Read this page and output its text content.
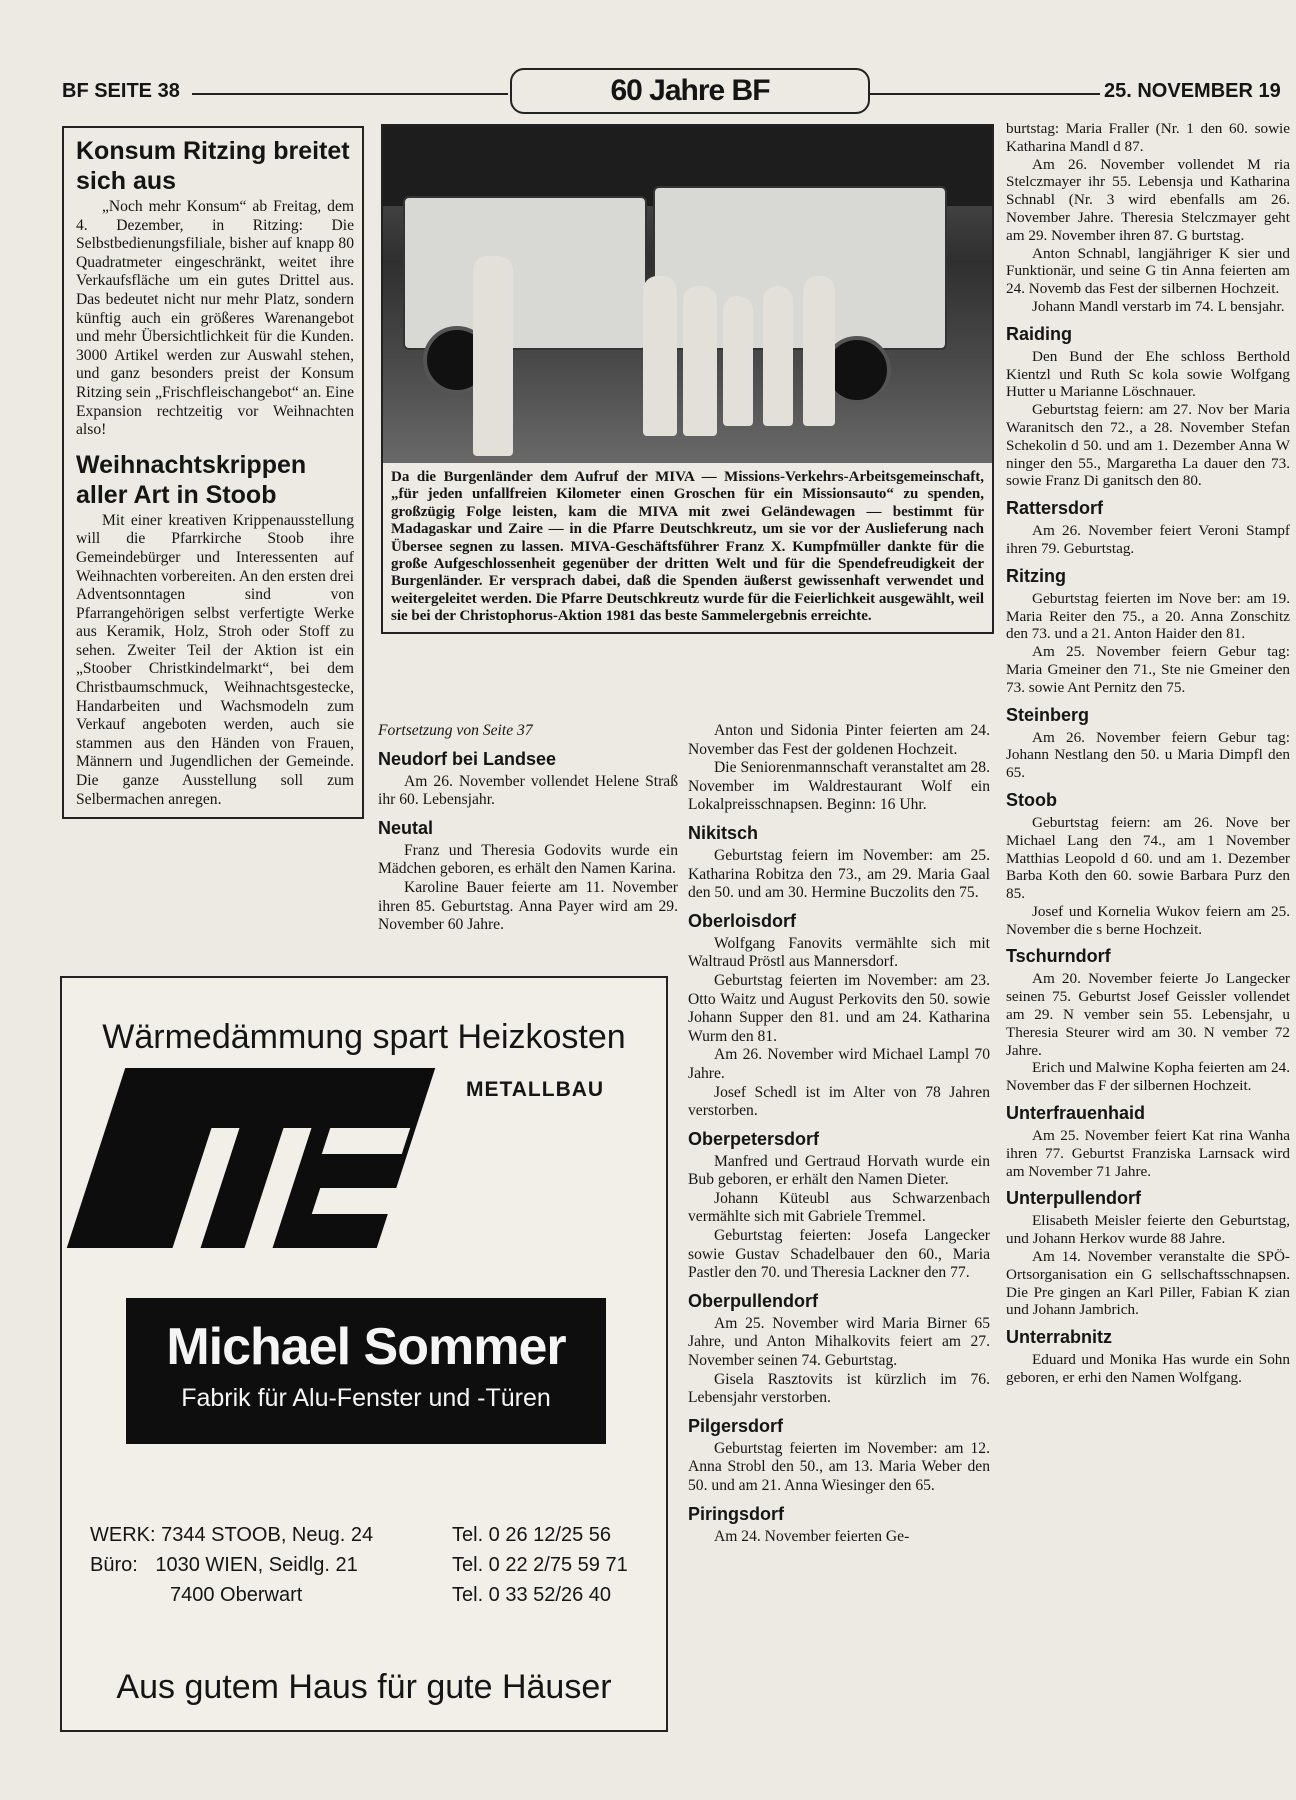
BF SEITE 38	60 Jahre BF	25. NOVEMBER 19
Konsum Ritzing breitet sich aus

„Noch mehr Konsum“ ab Freitag, dem 4. Dezember, in Ritzing: Die Selbstbedienungsfiliale, bisher auf knapp 80 Quadratmeter eingeschränkt, weitet ihre Verkaufsfläche um ein gutes Drittel aus. Das bedeutet nicht nur mehr Platz, sondern künftig auch ein größeres Warenangebot und mehr Übersichtlichkeit für die Kunden. 3000 Artikel werden zur Auswahl stehen, und ganz besonders preist der Konsum Ritzing sein „Frischfleischangebot“ an. Eine Expansion rechtzeitig vor Weihnachten also!

Weihnachtskrippen aller Art in Stoob

Mit einer kreativen Krippenausstellung will die Pfarrkirche Stoob ihre Gemeindebürger und Interessenten auf Weihnachten vorbereiten. An den ersten drei Adventsonntagen sind von Pfarrangehörigen selbst verfertigte Werke aus Keramik, Holz, Stroh oder Stoff zu sehen. Zweiter Teil der Aktion ist ein „Stoober Christkindelmarkt“, bei dem Christbaumschmuck, Weihnachtsgestecke, Handarbeiten und Wachsmodeln zum Verkauf angeboten werden, auch sie stammen aus den Händen von Frauen, Männern und Jugendlichen der Gemeinde. Die ganze Ausstellung soll zum Selbermachen anregen.

Da die Burgenländer dem Aufruf der MIVA — Missions-Verkehrs-Arbeitsgemeinschaft, „für jeden unfallfreien Kilometer einen Groschen für ein Missionsauto“ zu spenden, großzügig Folge leisten, kam die MIVA mit zwei Geländewagen — bestimmt für Madagaskar und Zaire — in die Pfarre Deutschkreutz, um sie vor der Auslieferung nach Übersee segnen zu lassen. MIVA-Geschäftsführer Franz X. Kumpfmüller dankte für die große Aufgeschlossenheit gegenüber der dritten Welt und für die Spendefreudigkeit der Burgenländer. Er versprach dabei, daß die Spenden äußerst gewissenhaft verwendet und weitergeleitet werden. Die Pfarre Deutschkreutz wurde für die Feierlichkeit ausgewählt, weil sie bei der Christophorus-Aktion 1981 das beste Sammelergebnis erreichte.
Fortsetzung von Seite 37
Neudorf bei Landsee

Am 26. November vollendet Helene Straß ihr 60. Lebensjahr.

Neutal

Franz und Theresia Godovits wurde ein Mädchen geboren, es erhält den Namen Karina.

Karoline Bauer feierte am 11. November ihren 85. Geburtstag. Anna Payer wird am 29. November 60 Jahre.

Anton und Sidonia Pinter feierten am 24. November das Fest der goldenen Hochzeit.

Die Seniorenmannschaft veranstaltet am 28. November im Waldrestaurant Wolf ein Lokalpreisschnapsen. Beginn: 16 Uhr.

Nikitsch

Geburtstag feiern im November: am 25. Katharina Robitza den 73., am 29. Maria Gaal den 50. und am 30. Hermine Buczolits den 75.

Oberloisdorf

Wolfgang Fanovits vermählte sich mit Waltraud Pröstl aus Mannersdorf.

Geburtstag feierten im November: am 23. Otto Waitz und August Perkovits den 50. sowie Johann Supper den 81. und am 24. Katharina Wurm den 81.

Am 26. November wird Michael Lampl 70 Jahre.

Josef Schedl ist im Alter von 78 Jahren verstorben.

Oberpetersdorf

Manfred und Gertraud Horvath wurde ein Bub geboren, er erhält den Namen Dieter.

Johann Küteubl aus Schwarzenbach vermählte sich mit Gabriele Tremmel.

Geburtstag feierten: Josefa Langecker sowie Gustav Schadelbauer den 60., Maria Pastler den 70. und Theresia Lackner den 77.

Oberpullendorf

Am 25. November wird Maria Birner 65 Jahre, und Anton Mihalkovits feiert am 27. November seinen 74. Geburtstag.

Gisela Rasztovits ist kürzlich im 76. Lebensjahr verstorben.

Pilgersdorf

Geburtstag feierten im November: am 12. Anna Strobl den 50., am 13. Maria Weber den 50. und am 21. Anna Wiesinger den 65.

Piringsdorf

Am 24. November feierten Ge-

burtstag: Maria Fraller (Nr. 1 den 60. sowie Katharina Mandl d 87.

Am 26. November vollendet M ria Stelczmayer ihr 55. Lebensja und Katharina Schnabl (Nr. 3 wird ebenfalls am 26. November Jahre. Theresia Stelczmayer geht am 29. November ihren 87. G burtstag.

Anton Schnabl, langjähriger K sier und Funktionär, und seine G tin Anna feierten am 24. Novemb das Fest der silbernen Hochzeit.

Johann Mandl verstarb im 74. L bensjahr.

Raiding

Den Bund der Ehe schloss Berthold Kientzl und Ruth Sc kola sowie Wolfgang Hutter u Marianne Löschnauer.

Geburtstag feiern: am 27. Nov ber Maria Waranitsch den 72., a 28. November Stefan Schekolin d 50. und am 1. Dezember Anna W ninger den 55., Margaretha La dauer den 73. sowie Franz Di ganitsch den 80.

Rattersdorf

Am 26. November feiert Veroni Stampf ihren 79. Geburtstag.

Ritzing

Geburtstag feierten im Nove ber: am 19. Maria Reiter den 75., a 20. Anna Zonschitz den 73. und a 21. Anton Haider den 81.

Am 25. November feiern Gebur tag: Maria Gmeiner den 71., Ste nie Gmeiner den 73. sowie Ant Pernitz den 75.

Steinberg

Am 26. November feiern Gebur tag: Johann Nestlang den 50. u Maria Dimpfl den 65.

Stoob

Geburtstag feiern: am 26. Nove ber Michael Lang den 74., am 1 November Matthias Leopold d 60. und am 1. Dezember Barba Koth den 60. sowie Barbara Purz den 85.

Josef und Kornelia Wukov feiern am 25. November die s berne Hochzeit.

Tschurndorf

Am 20. November feierte Jo Langecker seinen 75. Geburtst Josef Geissler vollendet am 29. N vember sein 55. Lebensjahr, u Theresia Steurer wird am 30. N vember 72 Jahre.

Erich und Malwine Kopha feierten am 24. November das F der silbernen Hochzeit.

Unterfrauenhaid

Am 25. November feiert Kat rina Wanha ihren 77. Geburtst Franziska Larnsack wird am November 71 Jahre.

Unterpullendorf

Elisabeth Meisler feierte den Geburtstag, und Johann Herkov wurde 88 Jahre.

Am 14. November veranstalte die SPÖ-Ortsorganisation ein G sellschaftsschnapsen. Die Pre gingen an Karl Piller, Fabian K zian und Johann Jambrich.

Unterrabnitz

Eduard und Monika Has wurde ein Sohn geboren, er erhi den Namen Wolfgang.

Wärmedämmung spart Heizkosten
METALLBAU
Michael Sommer
Fabrik für Alu-Fenster und -Türen
WERK: 7344 STOOB, Neug. 24	Tel. 0 26 12/25 56
Büro: 1030 WIEN, Seidlg. 21	Tel. 0 22 2/75 59 71
7400 Oberwart	Tel. 0 33 52/26 40
Aus gutem Haus für gute Häuser
